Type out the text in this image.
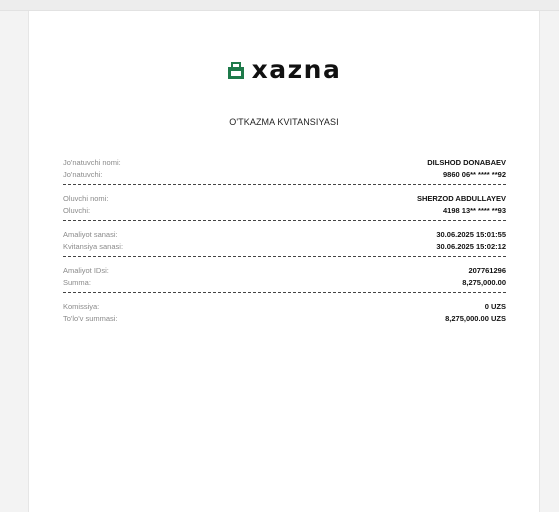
xazna
O'TKAZMA KVITANSIYASI
Jo'natuvchi nomi:	DILSHOD DONABAEV
Jo'natuvchi:	9860 06** **** **92
Oluvchi nomi:	SHERZOD ABDULLAYEV
Oluvchi:	4198 13** **** **93
Amaliyot sanasi:	30.06.2025 15:01:55
Kvitansiya sanasi:	30.06.2025 15:02:12
Amaliyot IDsi:	207761296
Summa:	8,275,000.00
Komissiya:	0 UZS
To'lo'v summasi:	8,275,000.00 UZS
